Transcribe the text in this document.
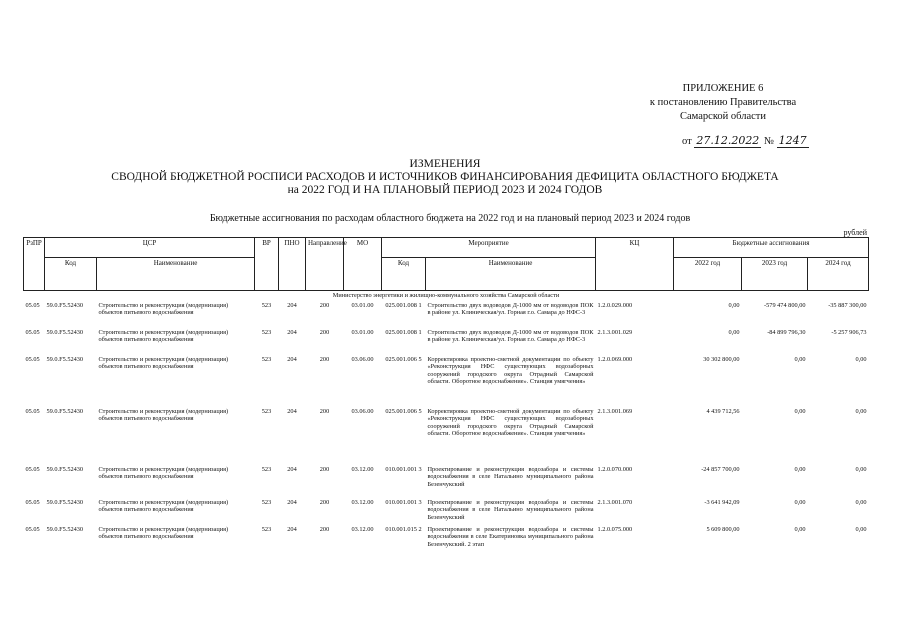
ПРИЛОЖЕНИЕ 6
к постановлению Правительства
Самарской области
от 27.12.2022 № 1247
ИЗМЕНЕНИЯ
СВОДНОЙ БЮДЖЕТНОЙ РОСПИСИ РАСХОДОВ И ИСТОЧНИКОВ ФИНАНСИРОВАНИЯ ДЕФИЦИТА ОБЛАСТНОГО БЮДЖЕТА
на 2022 ГОД И НА ПЛАНОВЫЙ ПЕРИОД 2023 И 2024 ГОДОВ
Бюджетные ассигнования по расходам областного бюджета на 2022 год и на плановый период 2023 и 2024 годов
рублей
РзПР	ЦСР		ВР	ПНО	Направление	МО	Мероприятие		КЦ	Бюджетные ассигнования		
	Код	Наименование					Код	Наименование		2022 год	2023 год	2024 год
Министерство энергетики и жилищно-коммунального хозяйства Самарской области												
05.05	59.0.F5.52430	Строительство и реконструкция (модернизация) объектов питьевого водоснабжения	523	204	200	03.01.00	025.001.008 1	Строительство двух водоводов Д-1000 мм от водоводов ПОК в районе ул. Клиническая/ул. Горная г.о. Самара до НФС-3	1.2.0.029.000	0,00	-579 474 800,00	-35 887 300,00
05.05	59.0.F5.52430	Строительство и реконструкция (модернизация) объектов питьевого водоснабжения	523	204	200	03.01.00	025.001.008 1	Строительство двух водоводов Д-1000 мм от водоводов ПОК в районе ул. Клиническая/ул. Горная г.о. Самара до НФС-3	2.1.3.001.029	0,00	-84 899 796,30	-5 257 906,73
05.05	59.0.F5.52430	Строительство и реконструкция (модернизация) объектов питьевого водоснабжения	523	204	200	03.06.00	025.001.006 5	Корректировка проектно-сметной документации по объекту «Реконструкция НФС существующих водозаборных сооружений городского округа Отрадный Самарской области. Оборотное водоснабжение». Станция умягчения»	1.2.0.069.000	30 302 800,00	0,00	0,00
05.05	59.0.F5.52430	Строительство и реконструкция (модернизация) объектов питьевого водоснабжения	523	204	200	03.06.00	025.001.006 5	Корректировка проектно-сметной документации по объекту «Реконструкция НФС существующих водозаборных сооружений городского округа Отрадный Самарской области. Оборотное водоснабжение». Станция умягчения»	2.1.3.001.069	4 439 712,56	0,00	0,00
05.05	59.0.F5.52430	Строительство и реконструкция (модернизация) объектов питьевого водоснабжения	523	204	200	03.12.00	010.001.001 3	Проектирование и реконструкция водозабора и системы водоснабжения в селе Натальино муниципального района Безенчукский	1.2.0.070.000	-24 857 700,00	0,00	0,00
05.05	59.0.F5.52430	Строительство и реконструкция (модернизация) объектов питьевого водоснабжения	523	204	200	03.12.00	010.001.001 3	Проектирование и реконструкция водозабора и системы водоснабжения в селе Натальино муниципального района Безенчукский	2.1.3.001.070	-3 641 942,09	0,00	0,00
05.05	59.0.F5.52430	Строительство и реконструкция (модернизация) объектов питьевого водоснабжения	523	204	200	03.12.00	010.001.015 2	Проектирование и реконструкция водозабора и системы водоснабжения в селе Екатериновка муниципального района Безенчукский. 2 этап	1.2.0.075.000	5 609 800,00	0,00	0,00
